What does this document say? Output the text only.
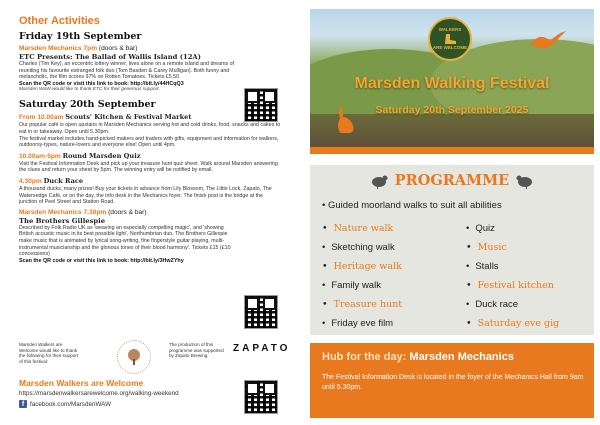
Other Activities
Friday 19th September
Marsden Mechanics 7pm (doors & bar)
ETC Presents: The Ballad of Wallis Island (12A)
Charles (Tim Key), an eccentric lottery winner, lives alone on a remote island and dreams of reuniting his favourite estranged folk duo (Tom Basden & Carey Mulligan). Both funny and melancholic, the film scores 97% on Rotten Tomatoes. Tickets £5.50
Scan the QR code or visit this link to book: http://bit.ly/44HCqQ3
Marsden WaW would like to thank ETC for their generous support.
Saturday 20th September
From 10.00am Scouts' Kitchen & Festival Market
Our popular café is open upstairs in Marsden Mechanics serving hot and cold drinks, food, snacks and cakes to eat in or takeaway. Open until 5.30pm.
The festival market includes hand-picked makers and traders with gifts, equipment and information for walkers, outdoorsy-types, nature-lovers and everyone else! Open until 4pm.
10.00am-5pm Round Marsden Quiz
Visit the Festival Information Desk and pick up your treasure hunt quiz sheet. Walk around Marsden answering the clues and return your sheet by 5pm. The winning entry will be notified by email.
4.30pm Duck Race
A thousand ducks, many prizes! Buy your tickets in advance from Lily Blossom, The Little Lock, Zapato, The Watersedge Café, or on the day, the info desk in the Mechanics foyer. The finish post is the bridge at the junction of Peel Street and Station Road.
Marsden Mechanics 7.30pm (doors & bar)
The Brothers Gillespie
Described by Folk Radio UK as 'weaving an especially compelling magic', and 'showing British acoustic music in its best possible light', Northumbrian duo, The Brothers Gillespie make music that is animated by lyrical song-writing, fine fingerstyle guitar playing, multi-instrumental musicianship and the glorious tones of their blood harmony'. Tickets £15 (£10 concessions)
Scan the QR code or visit this link to book: http://bit.ly/3HwZYhy
Marsden Walkers are Welcome would like to thank the following for their support of this festival:
The production of this programme was supported by Zapato Brewing.
ZAPATO
Marsden Walkers are Welcome
https://marsdenwalkersarewelcome.org/walking-weekend
f facebook.com/MarsdenWAW
WALKERS
ARE WELCOME
Marsden Walking Festival
Saturday 20th September 2025
PROGRAMME
• Guided moorland walks to suit all abilities
• Nature walk
• Sketching walk
• Heritage walk
• Family walk
• Treasure hunt
• Friday eve film
• Quiz
• Music
• Stalls
• Festival kitchen
• Duck race
• Saturday eve gig
Hub for the day: Marsden Mechanics
The Festival Information Desk is located in the foyer of the Mechanics Hall from 9am until 5.30pm.
